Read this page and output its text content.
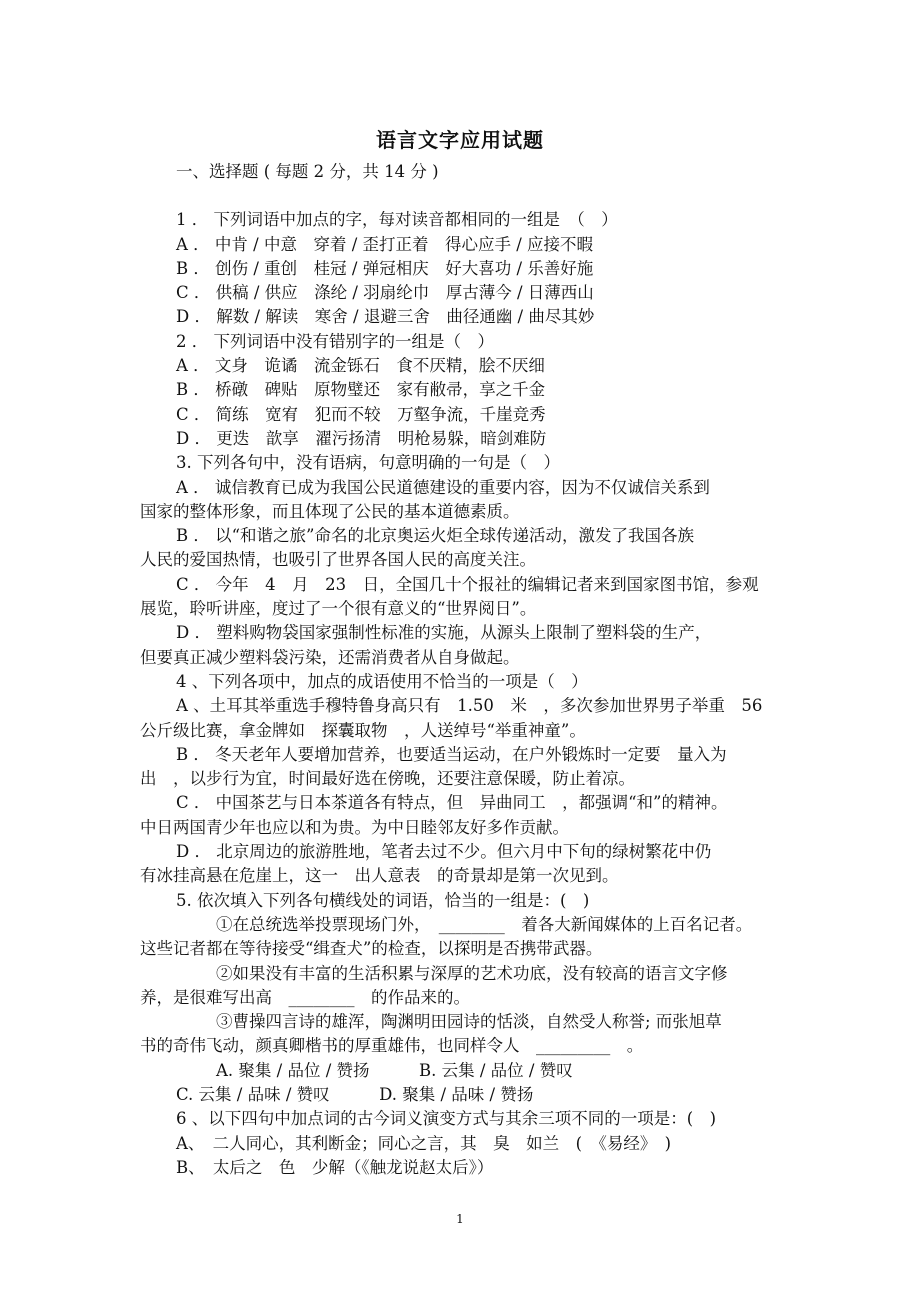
语言文字应用试题
一、选择题 ( 每题 2 分，共 14 分 )
1 ． 下列词语中加点的字，每对读音都相同的一组是　（　）
A ． 中肯 / 中意　穿着 / 歪打正着　得心应手 / 应接不暇
B ． 创伤 / 重创　桂冠 / 弹冠相庆　好大喜功 / 乐善好施
C ． 供稿 / 供应　涤纶 / 羽扇纶巾　厚古薄今 / 日薄西山
D ． 解数 / 解读　寒舍 / 退避三舍　曲径通幽 / 曲尽其妙
2 ． 下列词语中没有错别字的一组是（　）
A ． 文身　诡谲　流金铄石　食不厌精，脍不厌细
B ． 桥礅　碑贴　原物璧还　家有敝帚，享之千金
C ． 简练　宽宥　犯而不较　万壑争流，千崖竞秀
D ． 更迭　歆享　濯污扬清　明枪易躲，暗剑难防
3. 下列各句中，没有语病，句意明确的一句是（　）
A ． 诚信教育已成为我国公民道德建设的重要内容，因为不仅诚信关系到
国家的整体形象，而且体现了公民的基本道德素质。
B ． 以“和谐之旅”命名的北京奥运火炬全球传递活动，激发了我国各族
人民的爱国热情，也吸引了世界各国人民的高度关注。
C ． 今年　4　月　23　日，全国几十个报社的编辑记者来到国家图书馆，参观
展览，聆听讲座，度过了一个很有意义的“世界阅日”。
D ． 塑料购物袋国家强制性标准的实施，从源头上限制了塑料袋的生产，
但要真正减少塑料袋污染，还需消费者从自身做起。
4 、下列各项中，加点的成语使用不恰当的一项是（　）
A 、土耳其举重选手穆特鲁身高只有　1.50　米　，多次参加世界男子举重　56
公斤级比赛，拿金牌如　探囊取物　，人送绰号“举重神童”。
B ． 冬天老年人要增加营养，也要适当运动，在户外锻炼时一定要　量入为
出　，以步行为宜，时间最好选在傍晚，还要注意保暖，防止着凉。
C ． 中国茶艺与日本茶道各有特点，但　异曲同工　，都强调“和”的精神。
中日两国青少年也应以和为贵。为中日睦邻友好多作贡献。
D ． 北京周边的旅游胜地，笔者去过不少。但六月中下旬的绿树繁花中仍
有冰挂高悬在危崖上，这一　出人意表　的奇景却是第一次见到。
5. 依次填入下列各句横线处的词语，恰当的一组是：(　)
①在总统选举投票现场门外，　________　着各大新闻媒体的上百名记者。
这些记者都在等待接受“缉查犬”的检查，以探明是否携带武器。
②如果没有丰富的生活积累与深厚的艺术功底，没有较高的语言文字修
养，是很难写出高　________　的作品来的。
③曹操四言诗的雄浑，陶渊明田园诗的恬淡，自然受人称誉; 而张旭草
书的奇伟飞动，颜真卿楷书的厚重雄伟，也同样令人　_________　。
A. 聚集 / 品位 / 赞扬　　　B. 云集 / 品位 / 赞叹
C. 云集 / 品味 / 赞叹　　　D. 聚集 / 品味 / 赞扬
6 、以下四句中加点词的古今词义演变方式与其余三项不同的一项是：(　)
A、　二人同心，其利断金；同心之言，其　臭　如兰　(　《易经》　)
B、　太后之　色　少解（《触龙说赵太后》）
1
